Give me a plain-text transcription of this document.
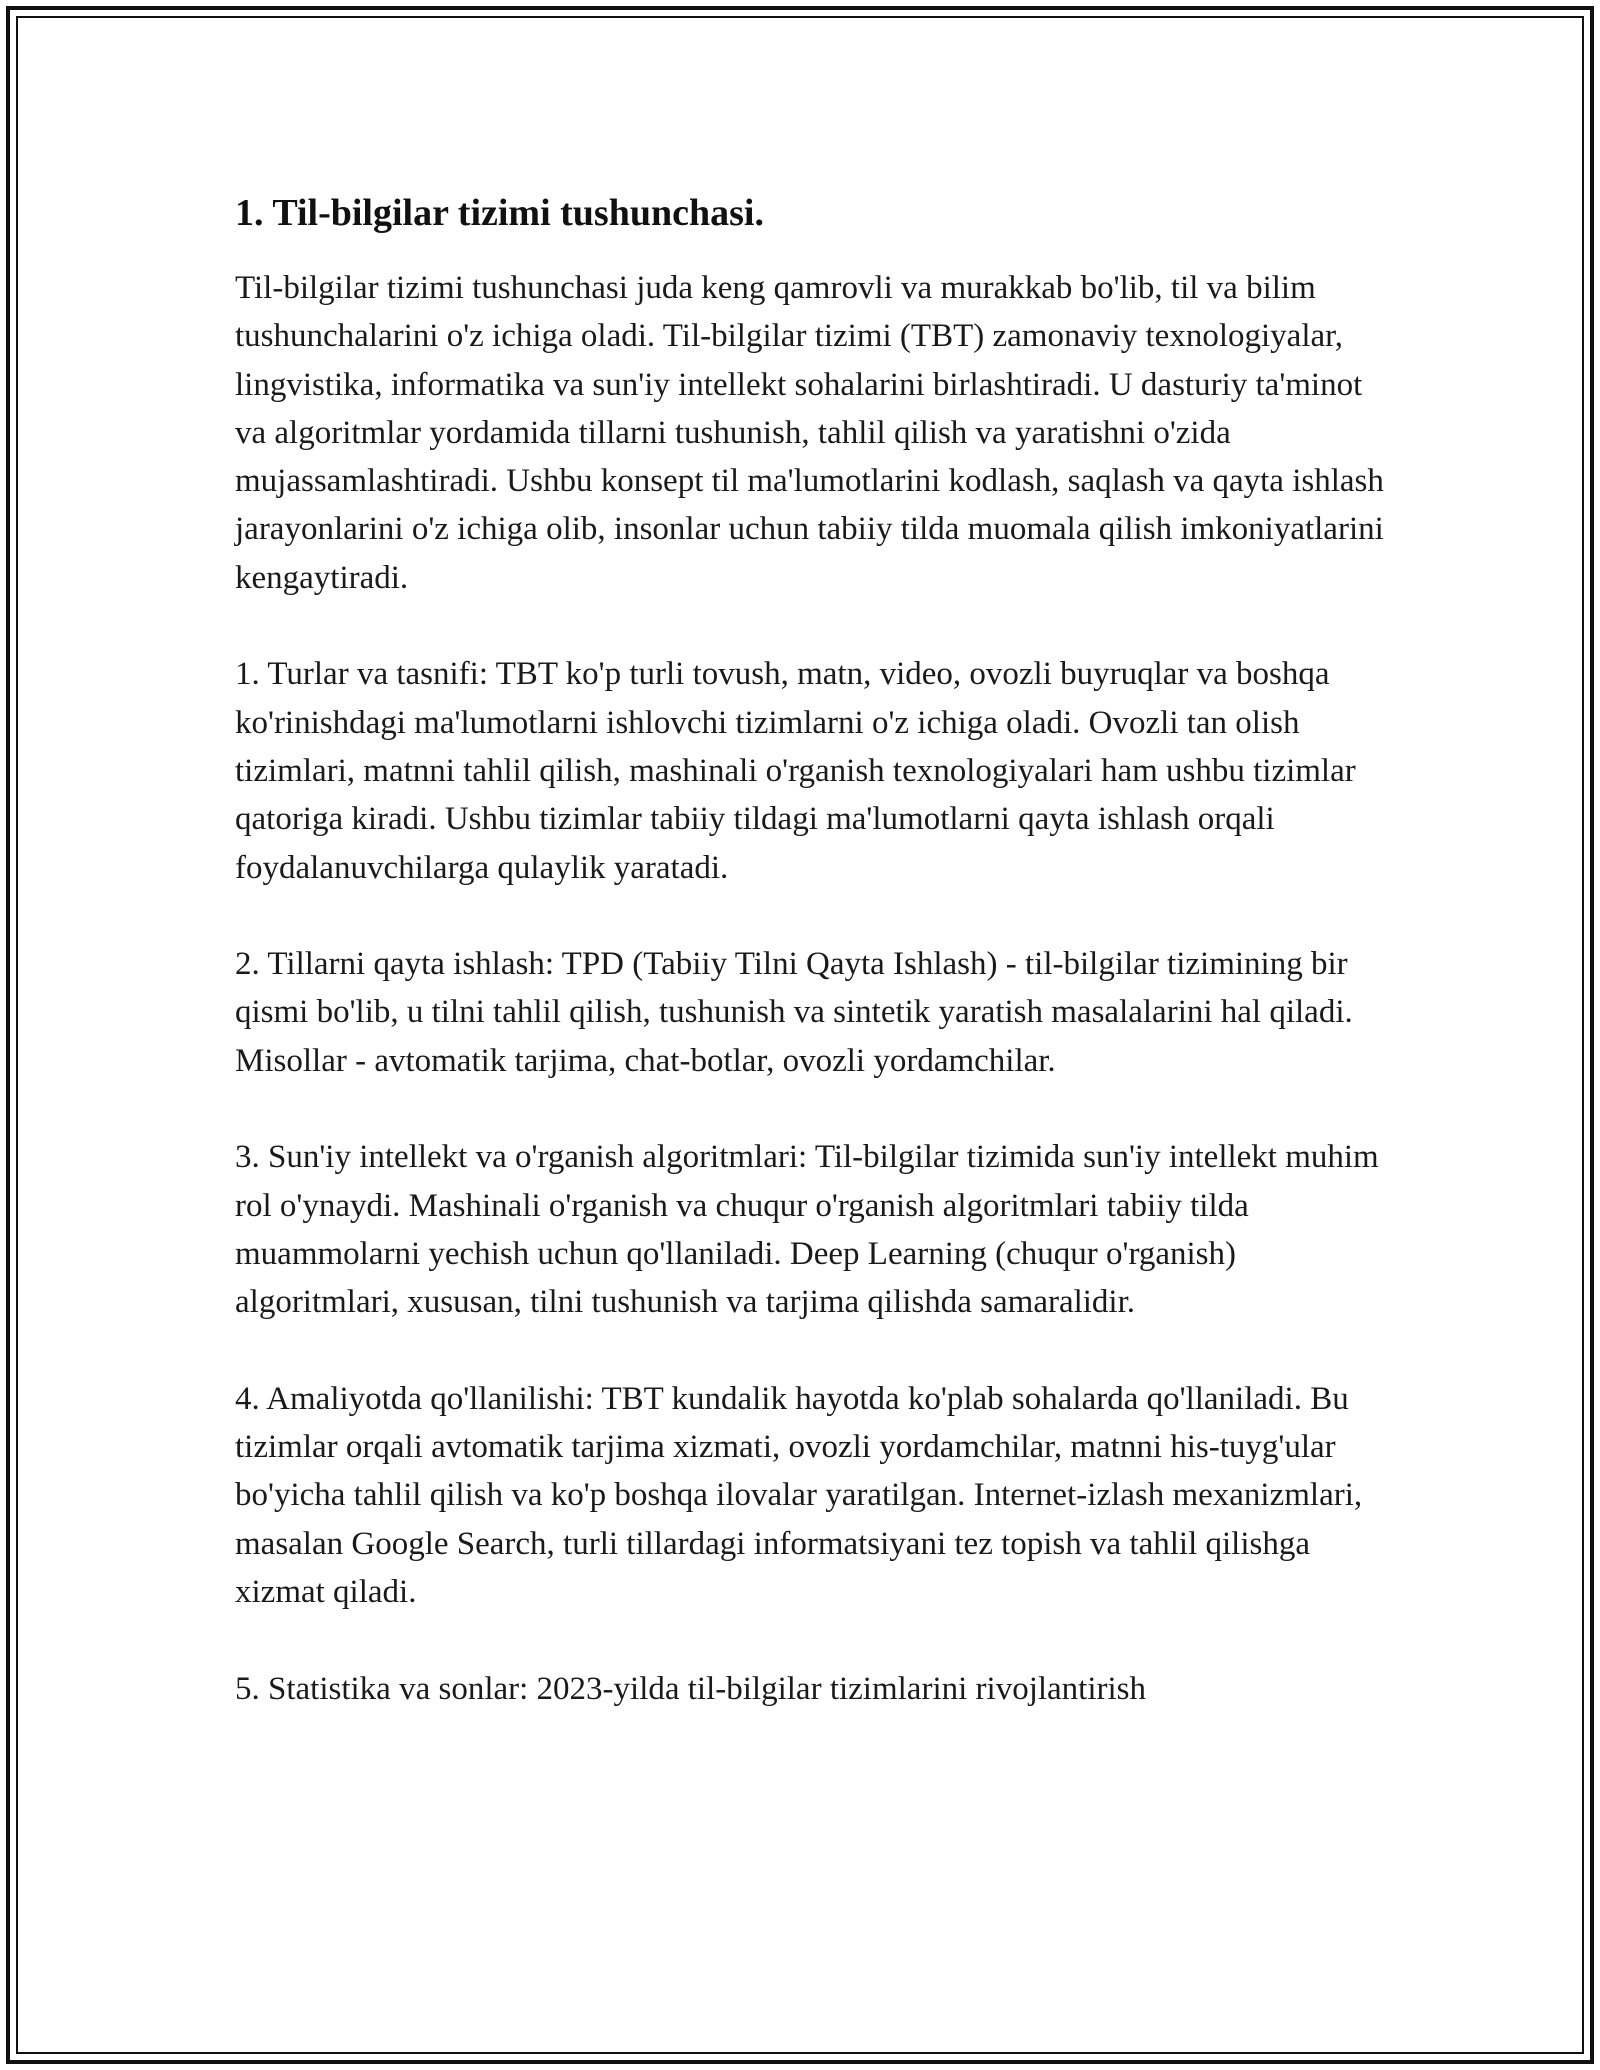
1. Til-bilgilar tizimi tushunchasi.

Til-bilgilar tizimi tushunchasi juda keng qamrovli va murakkab bo'lib, til va bilim tushunchalarini o'z ichiga oladi. Til-bilgilar tizimi (TBT) zamonaviy texnologiyalar, lingvistika, informatika va sun'iy intellekt sohalarini birlashtiradi. U dasturiy ta'minot va algoritmlar yordamida tillarni tushunish, tahlil qilish va yaratishni o'zida mujassamlashtiradi. Ushbu konsept til ma'lumotlarini kodlash, saqlash va qayta ishlash jarayonlarini o'z ichiga olib, insonlar uchun tabiiy tilda muomala qilish imkoniyatlarini kengaytiradi.

1. Turlar va tasnifi: TBT ko'p turli tovush, matn, video, ovozli buyruqlar va boshqa ko'rinishdagi ma'lumotlarni ishlovchi tizimlarni o'z ichiga oladi. Ovozli tan olish tizimlari, matnni tahlil qilish, mashinali o'rganish texnologiyalari ham ushbu tizimlar qatoriga kiradi. Ushbu tizimlar tabiiy tildagi ma'lumotlarni qayta ishlash orqali foydalanuvchilarga qulaylik yaratadi.

2. Tillarni qayta ishlash: TPD (Tabiiy Tilni Qayta Ishlash) - til-bilgilar tizimining bir qismi bo'lib, u tilni tahlil qilish, tushunish va sintetik yaratish masalalarini hal qiladi. Misollar - avtomatik tarjima, chat-botlar, ovozli yordamchilar.

3. Sun'iy intellekt va o'rganish algoritmlari: Til-bilgilar tizimida sun'iy intellekt muhim rol o'ynaydi. Mashinali o'rganish va chuqur o'rganish algoritmlari tabiiy tilda muammolarni yechish uchun qo'llaniladi. Deep Learning (chuqur o'rganish) algoritmlari, xususan, tilni tushunish va tarjima qilishda samaralidir.

4. Amaliyotda qo'llanilishi: TBT kundalik hayotda ko'plab sohalarda qo'llaniladi. Bu tizimlar orqali avtomatik tarjima xizmati, ovozli yordamchilar, matnni his-tuyg'ular bo'yicha tahlil qilish va ko'p boshqa ilovalar yaratilgan. Internet-izlash mexanizmlari, masalan Google Search, turli tillardagi informatsiyani tez topish va tahlil qilishga xizmat qiladi.

5. Statistika va sonlar: 2023-yilda til-bilgilar tizimlarini rivojlantirish
